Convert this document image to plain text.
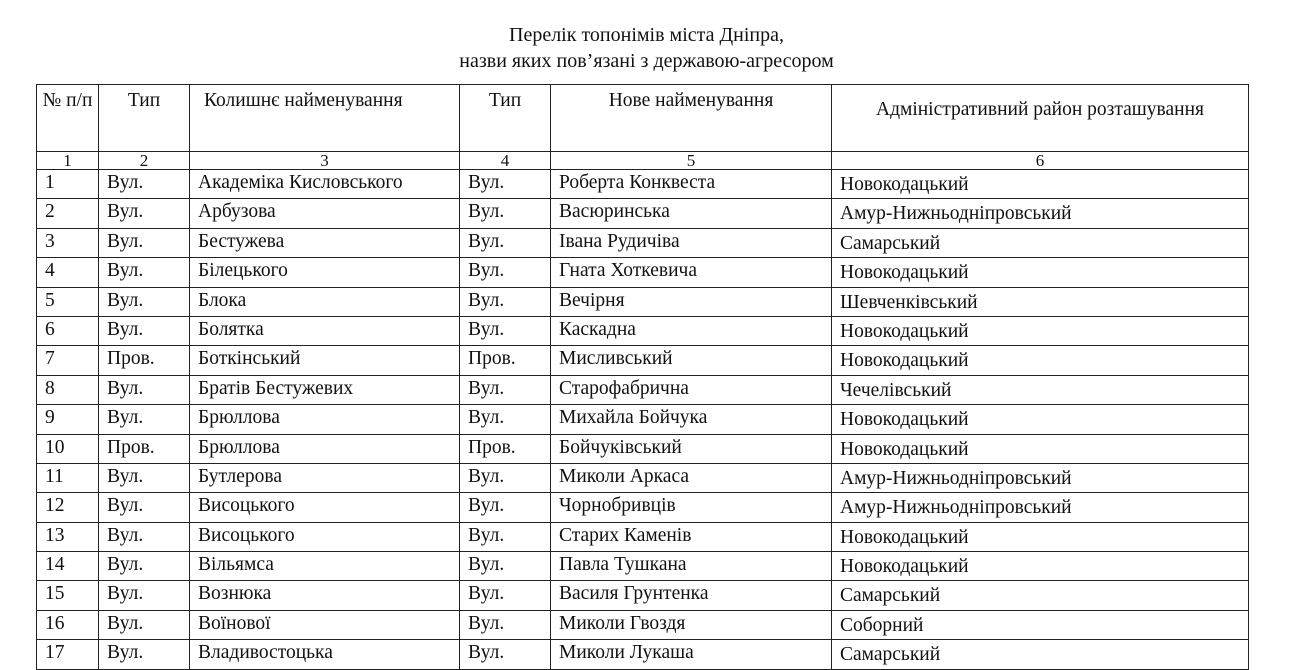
Перелік топонімів міста Дніпра,
назви яких пов’язані з державою-агресором
№ п/п	Тип	Колишнє найменування	Тип	Нове найменування	Адміністративний район розташування
1	2	3	4	5	6
1	Вул.	Академіка Кисловського	Вул.	Роберта Конквеста	Новокодацький
2	Вул.	Арбузова	Вул.	Васюринська	Амур-Нижньодніпровський
3	Вул.	Бестужева	Вул.	Івана Рудичіва	Самарський
4	Вул.	Білецького	Вул.	Гната Хоткевича	Новокодацький
5	Вул.	Блока	Вул.	Вечірня	Шевченківський
6	Вул.	Болятка	Вул.	Каскадна	Новокодацький
7	Пров.	Боткінський	Пров.	Мисливський	Новокодацький
8	Вул.	Братів Бестужевих	Вул.	Старофабрична	Чечелівський
9	Вул.	Брюллова	Вул.	Михайла Бойчука	Новокодацький
10	Пров.	Брюллова	Пров.	Бойчуківський	Новокодацький
11	Вул.	Бутлерова	Вул.	Миколи Аркаса	Амур-Нижньодніпровський
12	Вул.	Висоцького	Вул.	Чорнобривців	Амур-Нижньодніпровський
13	Вул.	Висоцького	Вул.	Старих Каменів	Новокодацький
14	Вул.	Вільямса	Вул.	Павла Тушкана	Новокодацький
15	Вул.	Вознюка	Вул.	Василя Грунтенка	Самарський
16	Вул.	Воїнової	Вул.	Миколи Гвоздя	Соборний
17	Вул.	Владивостоцька	Вул.	Миколи Лукаша	Самарський
